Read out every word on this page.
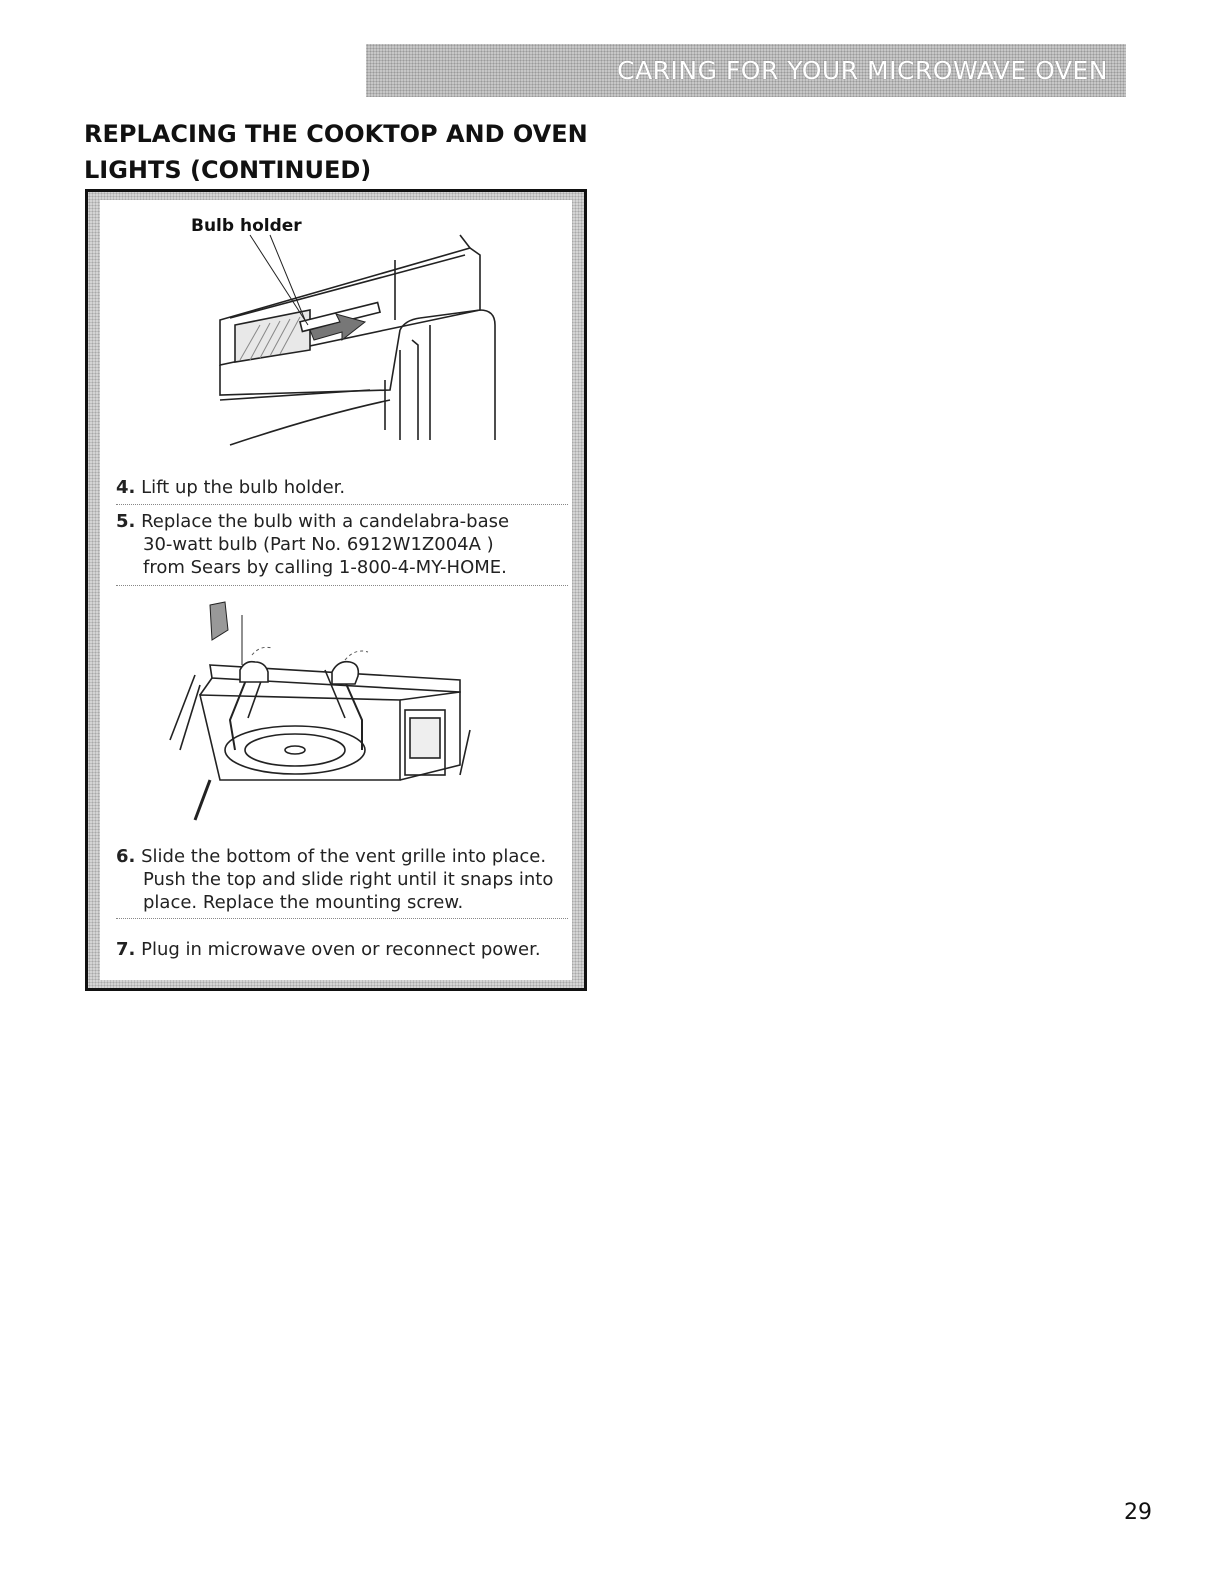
CARING FOR YOUR MICROWAVE OVEN
REPLACING THE COOKTOP AND OVEN LIGHTS (CONTINUED)
Bulb holder
4. Lift up the bulb holder.
5. Replace the bulb with a candelabra-base
30-watt bulb (Part No. 6912W1Z004A )
from Sears by calling 1-800-4-MY-HOME.
6. Slide the bottom of the vent grille into place.
Push the top and slide right until it snaps into
place. Replace the mounting screw.
7. Plug in microwave oven or reconnect power.
29
